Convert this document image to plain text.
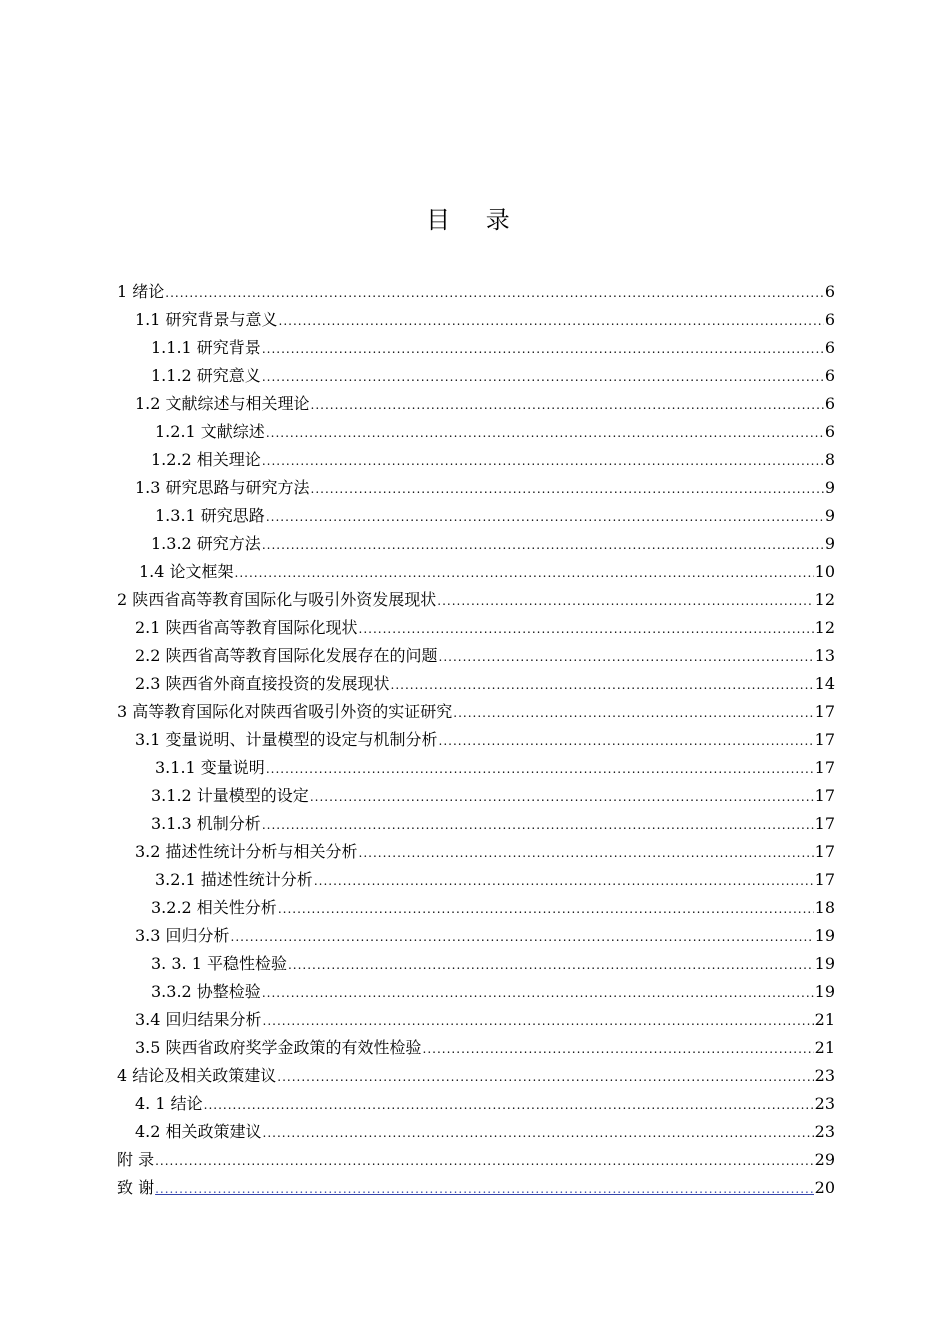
目 录
1 绪论 .....	6
1.1 研究背景与意义 .....	6
1.1.1 研究背景 .....	6
1.1.2 研究意义 .....	6
1.2 文献综述与相关理论 .....	6
1.2.1 文献综述 .....	6
1.2.2 相关理论 .....	8
1.3 研究思路与研究方法 .....	9
1.3.1 研究思路 .....	9
1.3.2 研究方法 .....	9
1.4 论文框架 .....	10
2 陕西省高等教育国际化与吸引外资发展现状 .....	12
2.1 陕西省高等教育国际化现状 .....	12
2.2 陕西省高等教育国际化发展存在的问题 .....	13
2.3 陕西省外商直接投资的发展现状 .....	14
3 高等教育国际化对陕西省吸引外资的实证研究 .....	17
3.1 变量说明、计量模型的设定与机制分析 .....	17
3.1.1 变量说明 .....	17
3.1.2 计量模型的设定 .....	17
3.1.3 机制分析 .....	17
3.2 描述性统计分析与相关分析 .....	17
3.2.1 描述性统计分析 .....	17
3.2.2 相关性分析 .....	18
3.3 回归分析 .....	19
3. 3. 1 平稳性检验 .....	19
3.3.2 协整检验 .....	19
3.4 回归结果分析 .....	21
3.5 陕西省政府奖学金政策的有效性检验 .....	21
4 结论及相关政策建议 .....	23
4. 1 结论 .....	23
4.2 相关政策建议 .....	23
附 录 .....	29
致 谢 .....	20
